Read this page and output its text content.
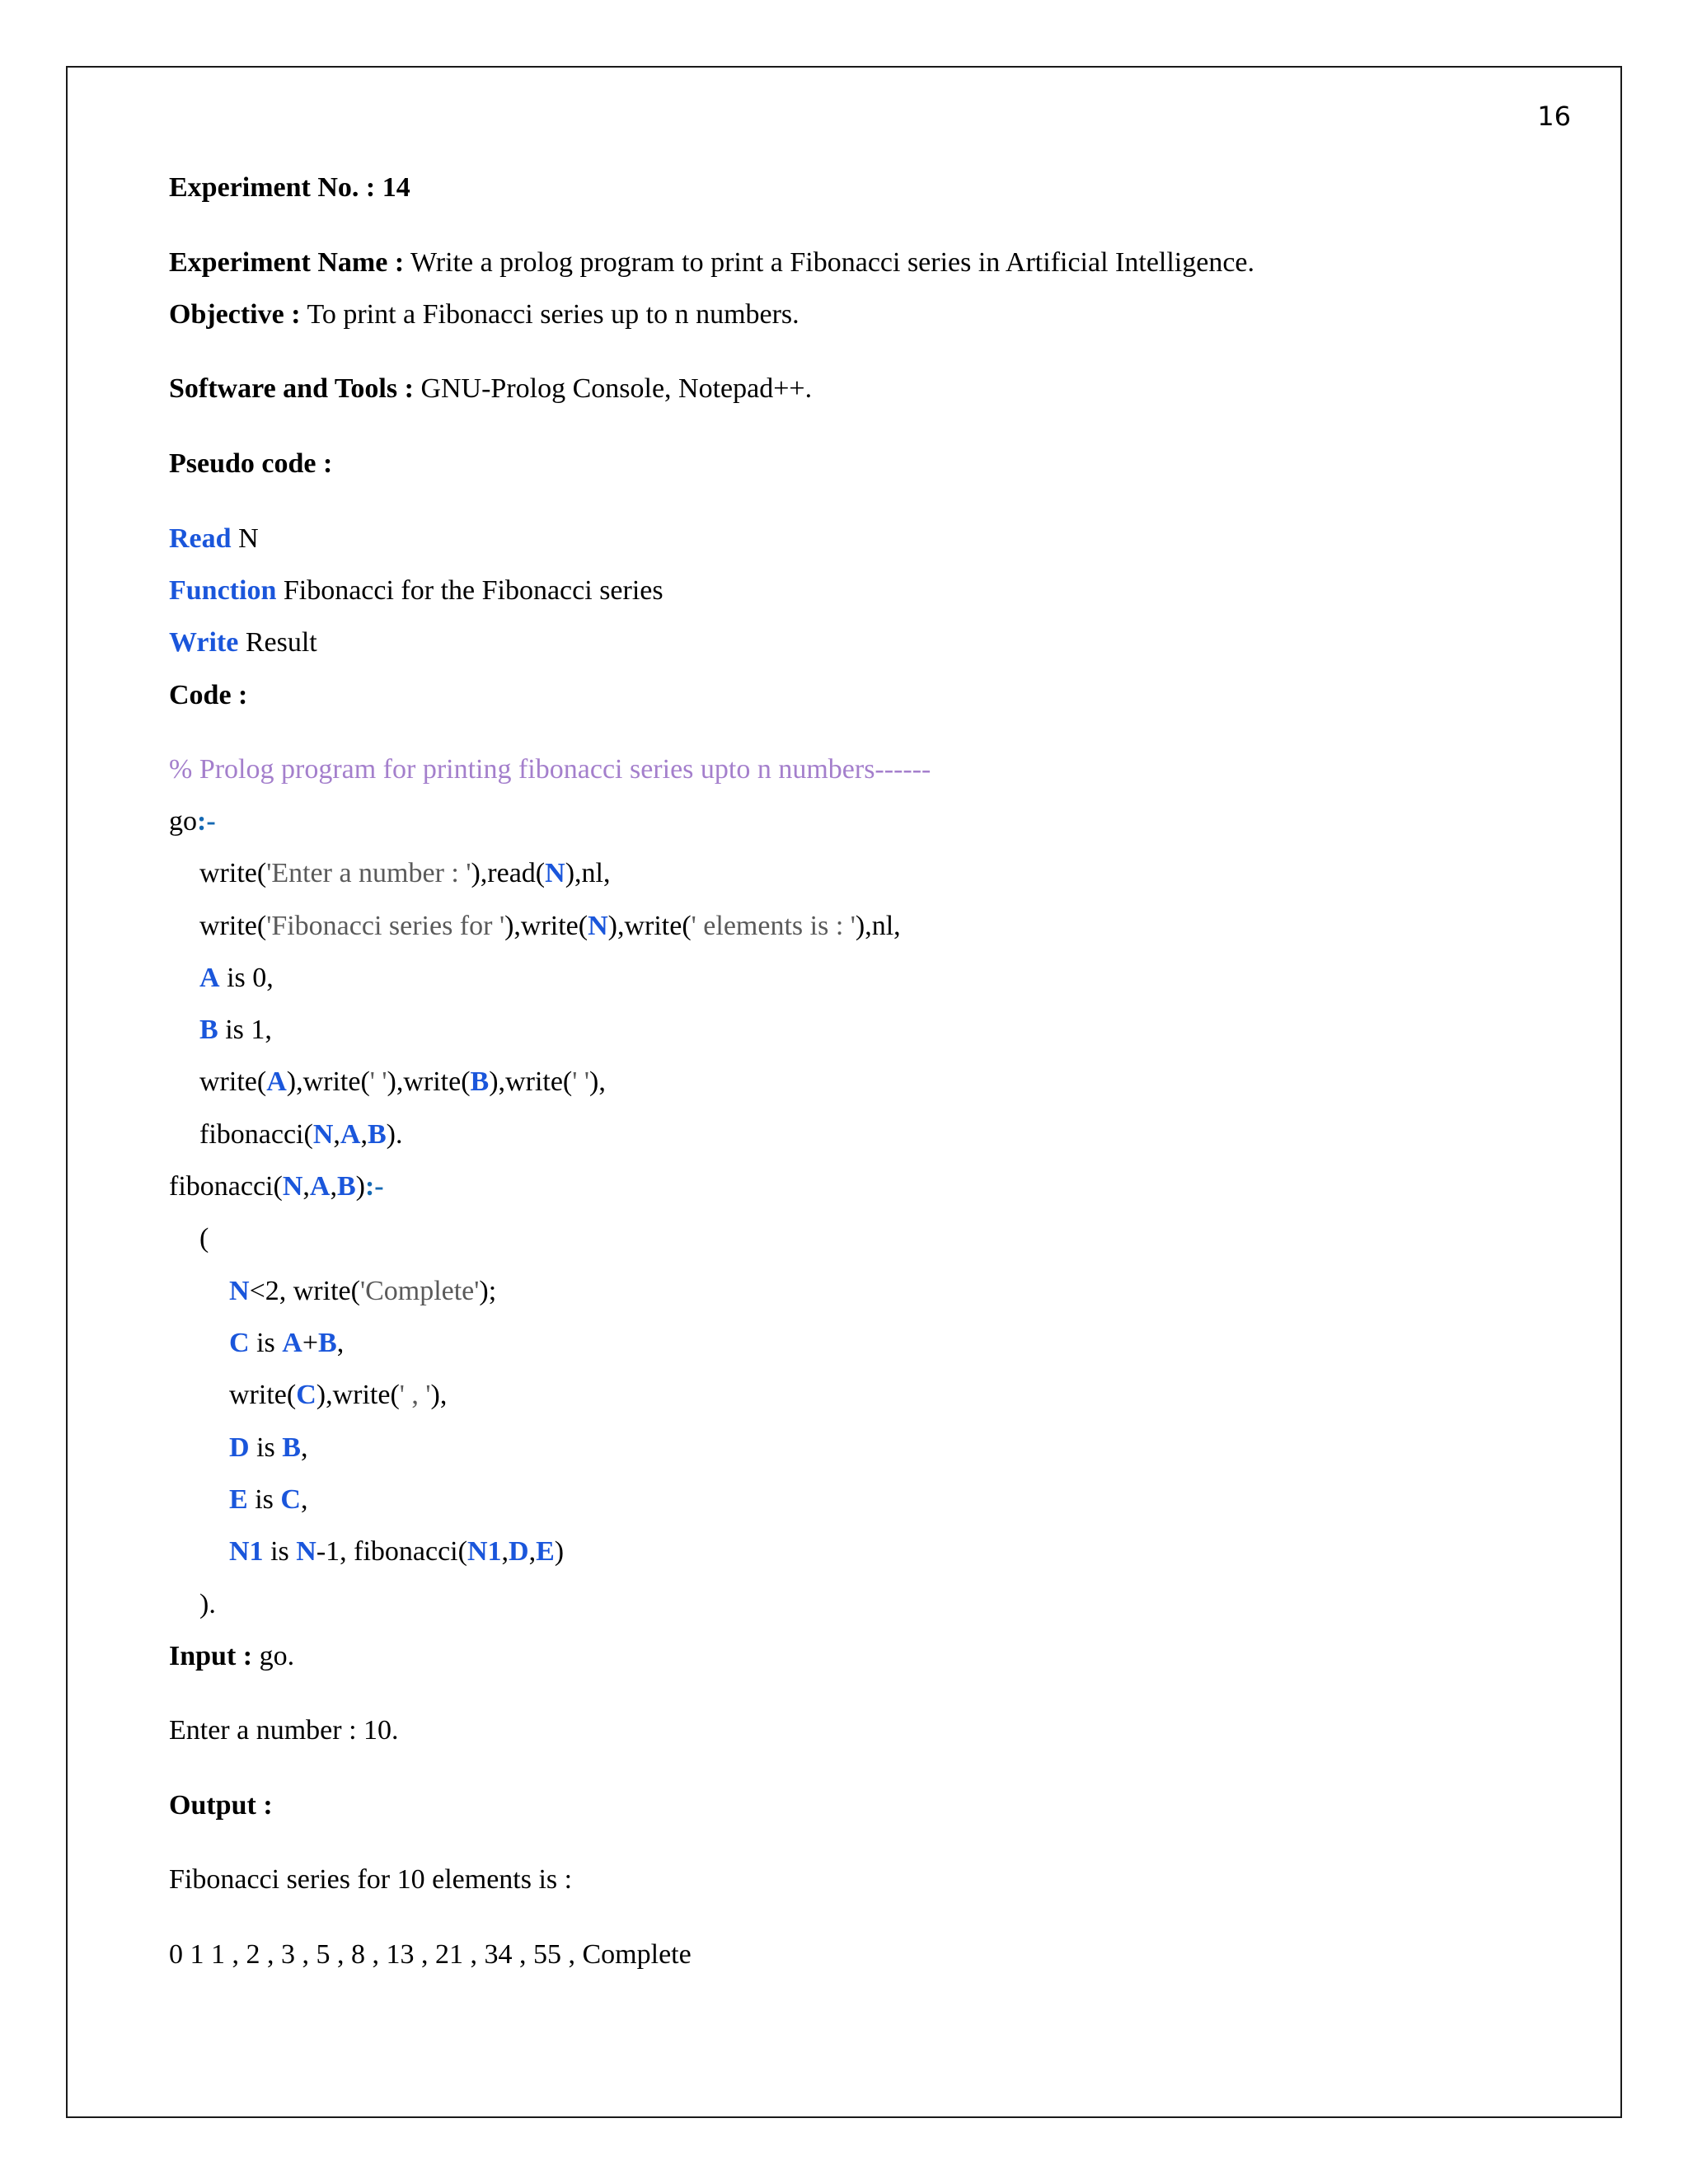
16
Experiment No. : 14
Experiment Name : Write a prolog program to print a Fibonacci series in Artificial Intelligence.
Objective : To print a Fibonacci series up to n numbers.
Software and Tools : GNU-Prolog Console, Notepad++.
Pseudo code :
Read N
Function Fibonacci for the Fibonacci series
Write Result
Code :
% Prolog program for printing fibonacci series upto n numbers------
go:-
write('Enter a number : '),read(N),nl,
write('Fibonacci series for '),write(N),write(' elements is : '),nl,
A is 0,
B is 1,
write(A),write(' '),write(B),write(' '),
fibonacci(N,A,B).
fibonacci(N,A,B):-
(
N<2, write('Complete');
C is A+B,
write(C),write(' , '),
D is B,
E is C,
N1 is N-1, fibonacci(N1,D,E)
).
Input : go.
Enter a number : 10.
Output :
Fibonacci series for 10 elements is :
0 1 1 , 2 , 3 , 5 , 8 , 13 , 21 , 34 , 55 , Complete
